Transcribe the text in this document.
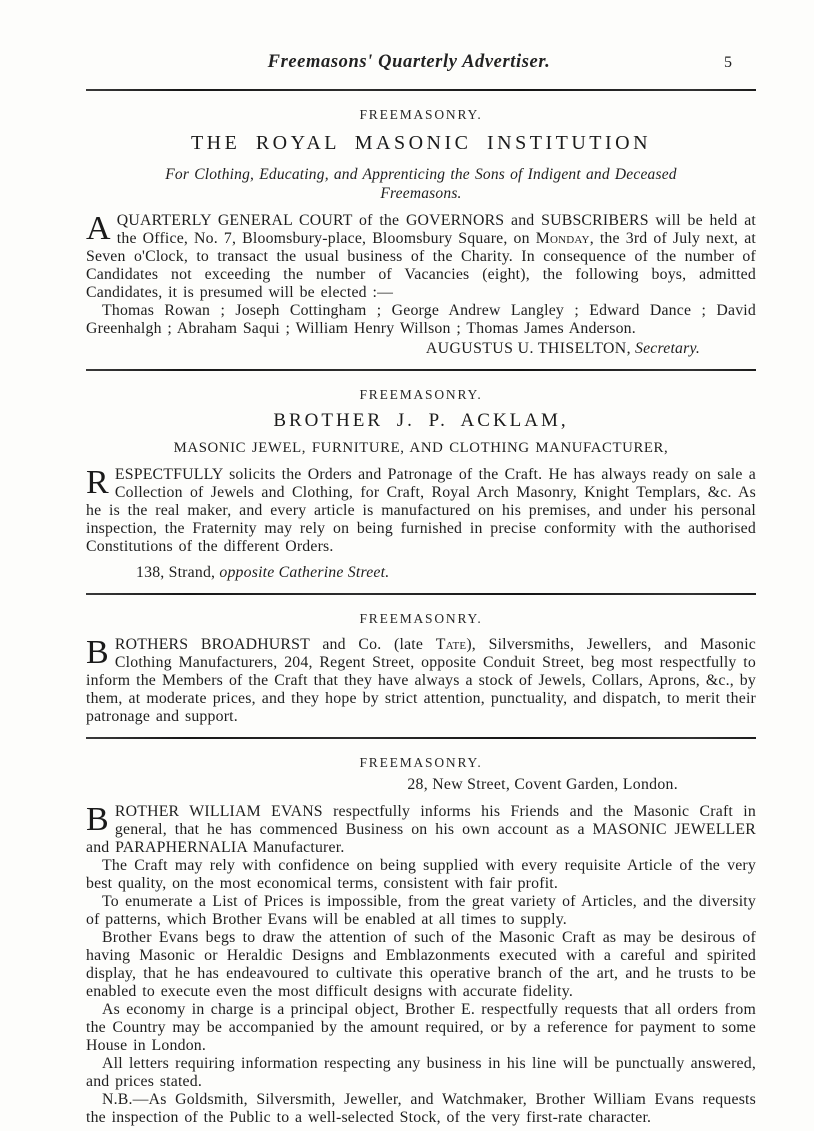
Freemasons' Quarterly Advertiser.	5
FREEMASONRY.
THE ROYAL MASONIC INSTITUTION
For Clothing, Educating, and Apprenticing the Sons of Indigent and Deceased Freemasons.

AQUARTERLY GENERAL COURT of the GOVERNORS and SUBSCRIBERS will be held at the Office, No. 7, Bloomsbury-place, Bloomsbury Square, on Monday, the 3rd of July next, at Seven o'Clock, to transact the usual business of the Charity. In consequence of the number of Candidates not exceeding the number of Vacancies (eight), the following boys, admitted Candidates, it is presumed will be elected :—

Thomas Rowan ; Joseph Cottingham ; George Andrew Langley ; Edward Dance ; David Greenhalgh ; Abraham Saqui ; William Henry Willson ; Thomas James Anderson.

AUGUSTUS U. THISELTON, Secretary.
FREEMASONRY.
BROTHER J. P. ACKLAM,
MASONIC JEWEL, FURNITURE, AND CLOTHING MANUFACTURER,

RESPECTFULLY solicits the Orders and Patronage of the Craft. He has always ready on sale a Collection of Jewels and Clothing, for Craft, Royal Arch Masonry, Knight Templars, &c. As he is the real maker, and every article is manufactured on his premises, and under his personal inspection, the Fraternity may rely on being furnished in precise conformity with the authorised Constitutions of the different Orders.

138, Strand, opposite Catherine Street.
FREEMASONRY.

BROTHERS BROADHURST and Co. (late Tate), Silversmiths, Jewellers, and Masonic Clothing Manufacturers, 204, Regent Street, opposite Conduit Street, beg most respectfully to inform the Members of the Craft that they have always a stock of Jewels, Collars, Aprons, &c., by them, at moderate prices, and they hope by strict attention, punctuality, and dispatch, to merit their patronage and support.

FREEMASONRY.
28, New Street, Covent Garden, London.

BROTHER WILLIAM EVANS respectfully informs his Friends and the Masonic Craft in general, that he has commenced Business on his own account as a MASONIC JEWELLER and PARAPHERNALIA Manufacturer.

The Craft may rely with confidence on being supplied with every requisite Article of the very best quality, on the most economical terms, consistent with fair profit.

To enumerate a List of Prices is impossible, from the great variety of Articles, and the diversity of patterns, which Brother Evans will be enabled at all times to supply.

Brother Evans begs to draw the attention of such of the Masonic Craft as may be desirous of having Masonic or Heraldic Designs and Emblazonments executed with a careful and spirited display, that he has endeavoured to cultivate this operative branch of the art, and he trusts to be enabled to execute even the most difficult designs with accurate fidelity.

As economy in charge is a principal object, Brother E. respectfully requests that all orders from the Country may be accompanied by the amount required, or by a reference for payment to some House in London.

All letters requiring information respecting any business in his line will be punctually answered, and prices stated.

N.B.—As Goldsmith, Silversmith, Jeweller, and Watchmaker, Brother William Evans requests the inspection of the Public to a well-selected Stock, of the very first-rate character.
